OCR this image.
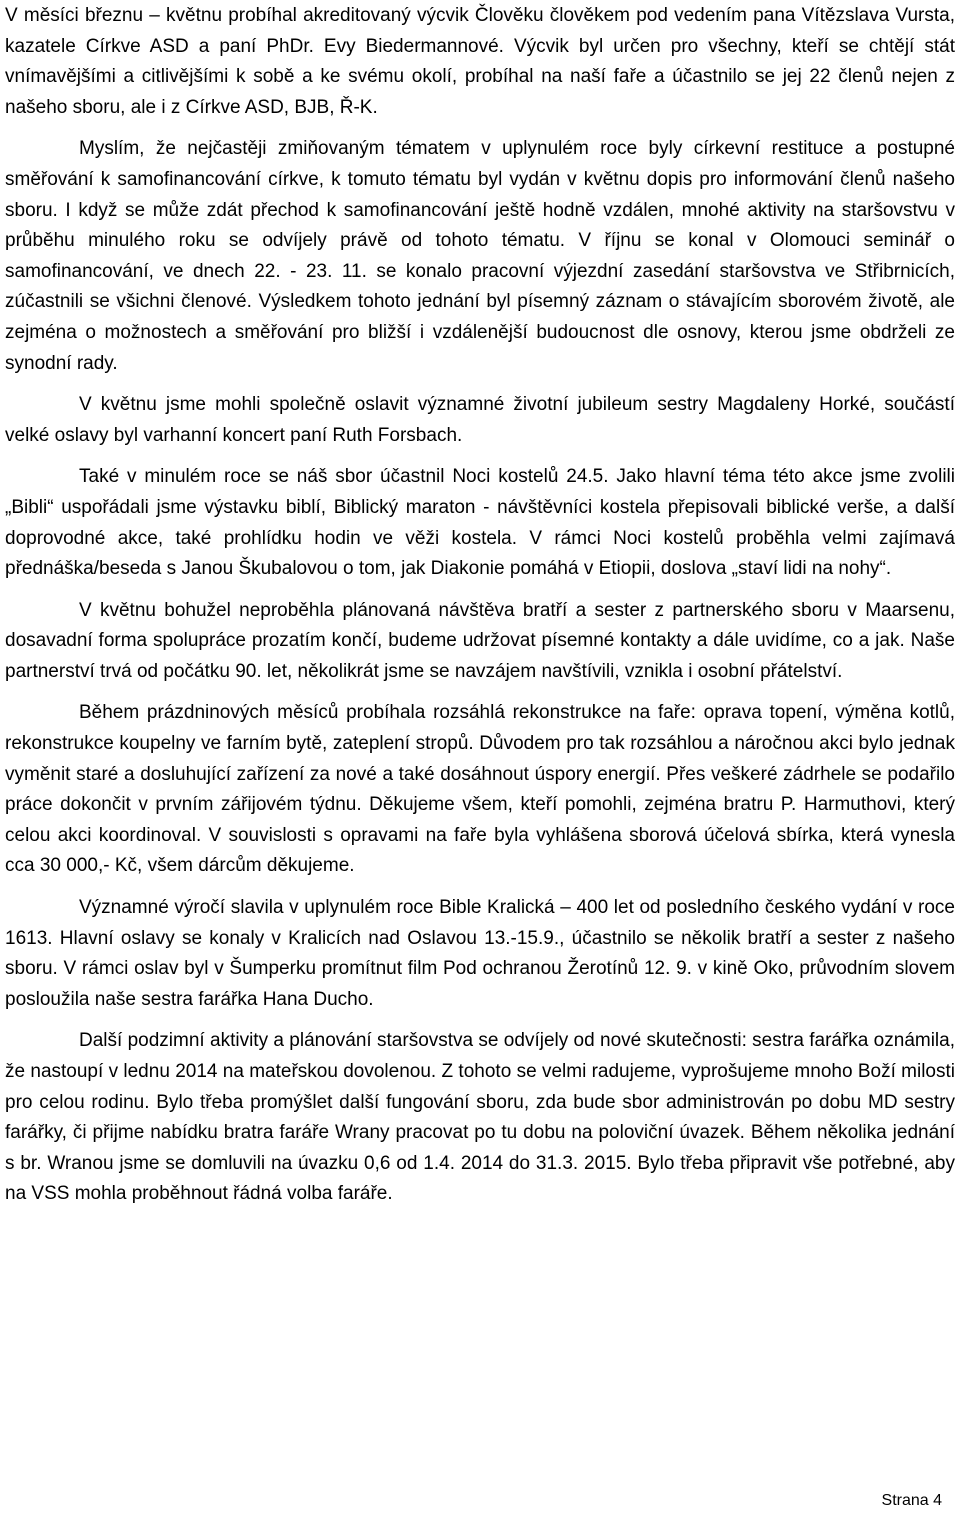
V měsíci březnu – květnu probíhal akreditovaný výcvik Člověku člověkem pod vedením pana Vítězslava Vursta, kazatele Církve ASD a paní PhDr. Evy Biedermannové. Výcvik byl určen pro všechny, kteří se chtějí stát vnímavějšími a citlivějšími k sobě a ke svému okolí, probíhal na naší faře a účastnilo se jej 22 členů nejen z našeho sboru, ale i z Církve ASD, BJB, Ř-K.

Myslím, že nejčastěji zmiňovaným tématem v uplynulém roce byly církevní restituce a postupné směřování k samofinancování církve, k tomuto tématu byl vydán v květnu dopis pro informování členů našeho sboru. I když se může zdát přechod k samofinancování ještě hodně vzdálen, mnohé aktivity na staršovstvu v průběhu minulého roku se odvíjely právě od tohoto tématu. V říjnu se konal v Olomouci seminář o samofinancování, ve dnech 22. - 23. 11. se konalo pracovní výjezdní zasedání staršovstva ve Střibrnicích, zúčastnili se všichni členové. Výsledkem tohoto jednání byl písemný záznam o stávajícím sborovém životě, ale zejména o možnostech a směřování pro bližší i vzdálenější budoucnost dle osnovy, kterou jsme obdrželi ze synodní rady.

V květnu jsme mohli společně oslavit významné životní jubileum sestry Magdaleny Horké, součástí velké oslavy byl varhanní koncert paní Ruth Forsbach.

Také v minulém roce se náš sbor účastnil Noci kostelů 24.5. Jako hlavní téma této akce jsme zvolili „Bibli“ uspořádali jsme výstavku biblí, Biblický maraton - návštěvníci kostela přepisovali biblické verše, a další doprovodné akce, také prohlídku hodin ve věži kostela. V rámci Noci kostelů proběhla velmi zajímavá přednáška/beseda s Janou Škubalovou o tom, jak Diakonie pomáhá v Etiopii, doslova „staví lidi na nohy“.

V květnu bohužel neproběhla plánovaná návštěva bratří a sester z partnerského sboru v Maarsenu, dosavadní forma spolupráce prozatím končí, budeme udržovat písemné kontakty a dále uvidíme, co a jak. Naše partnerství trvá od počátku 90. let, několikrát jsme se navzájem navštívili, vznikla i osobní přátelství.

Během prázdninových měsíců probíhala rozsáhlá rekonstrukce na faře: oprava topení, výměna kotlů, rekonstrukce koupelny ve farním bytě, zateplení stropů. Důvodem pro tak rozsáhlou a náročnou akci bylo jednak vyměnit staré a dosluhující zařízení za nové a také dosáhnout úspory energií. Přes veškeré zádrhele se podařilo práce dokončit v prvním zářijovém týdnu. Děkujeme všem, kteří pomohli, zejména bratru P. Harmuthovi, který celou akci koordinoval. V souvislosti s opravami na faře byla vyhlášena sborová účelová sbírka, která vynesla cca 30 000,- Kč, všem dárcům děkujeme.

Významné výročí slavila v uplynulém roce Bible Kralická – 400 let od posledního českého vydání v roce 1613. Hlavní oslavy se konaly v Kralicích nad Oslavou 13.-15.9., účastnilo se několik bratří a sester z našeho sboru. V rámci oslav byl v Šumperku promítnut film Pod ochranou Žerotínů 12. 9. v kině Oko, průvodním slovem posloužila naše sestra farářka Hana Ducho.

Další podzimní aktivity a plánování staršovstva se odvíjely od nové skutečnosti: sestra farářka oznámila, že nastoupí v lednu 2014 na mateřskou dovolenou. Z tohoto se velmi radujeme, vyprošujeme mnoho Boží milosti pro celou rodinu. Bylo třeba promýšlet další fungování sboru, zda bude sbor administrován po dobu MD sestry farářky, či přijme nabídku bratra faráře Wrany pracovat po tu dobu na poloviční úvazek. Během několika jednání s br. Wranou jsme se domluvili na úvazku 0,6 od 1.4. 2014 do 31.3. 2015. Bylo třeba připravit vše potřebné, aby na VSS mohla proběhnout řádná volba faráře.

Strana 4
